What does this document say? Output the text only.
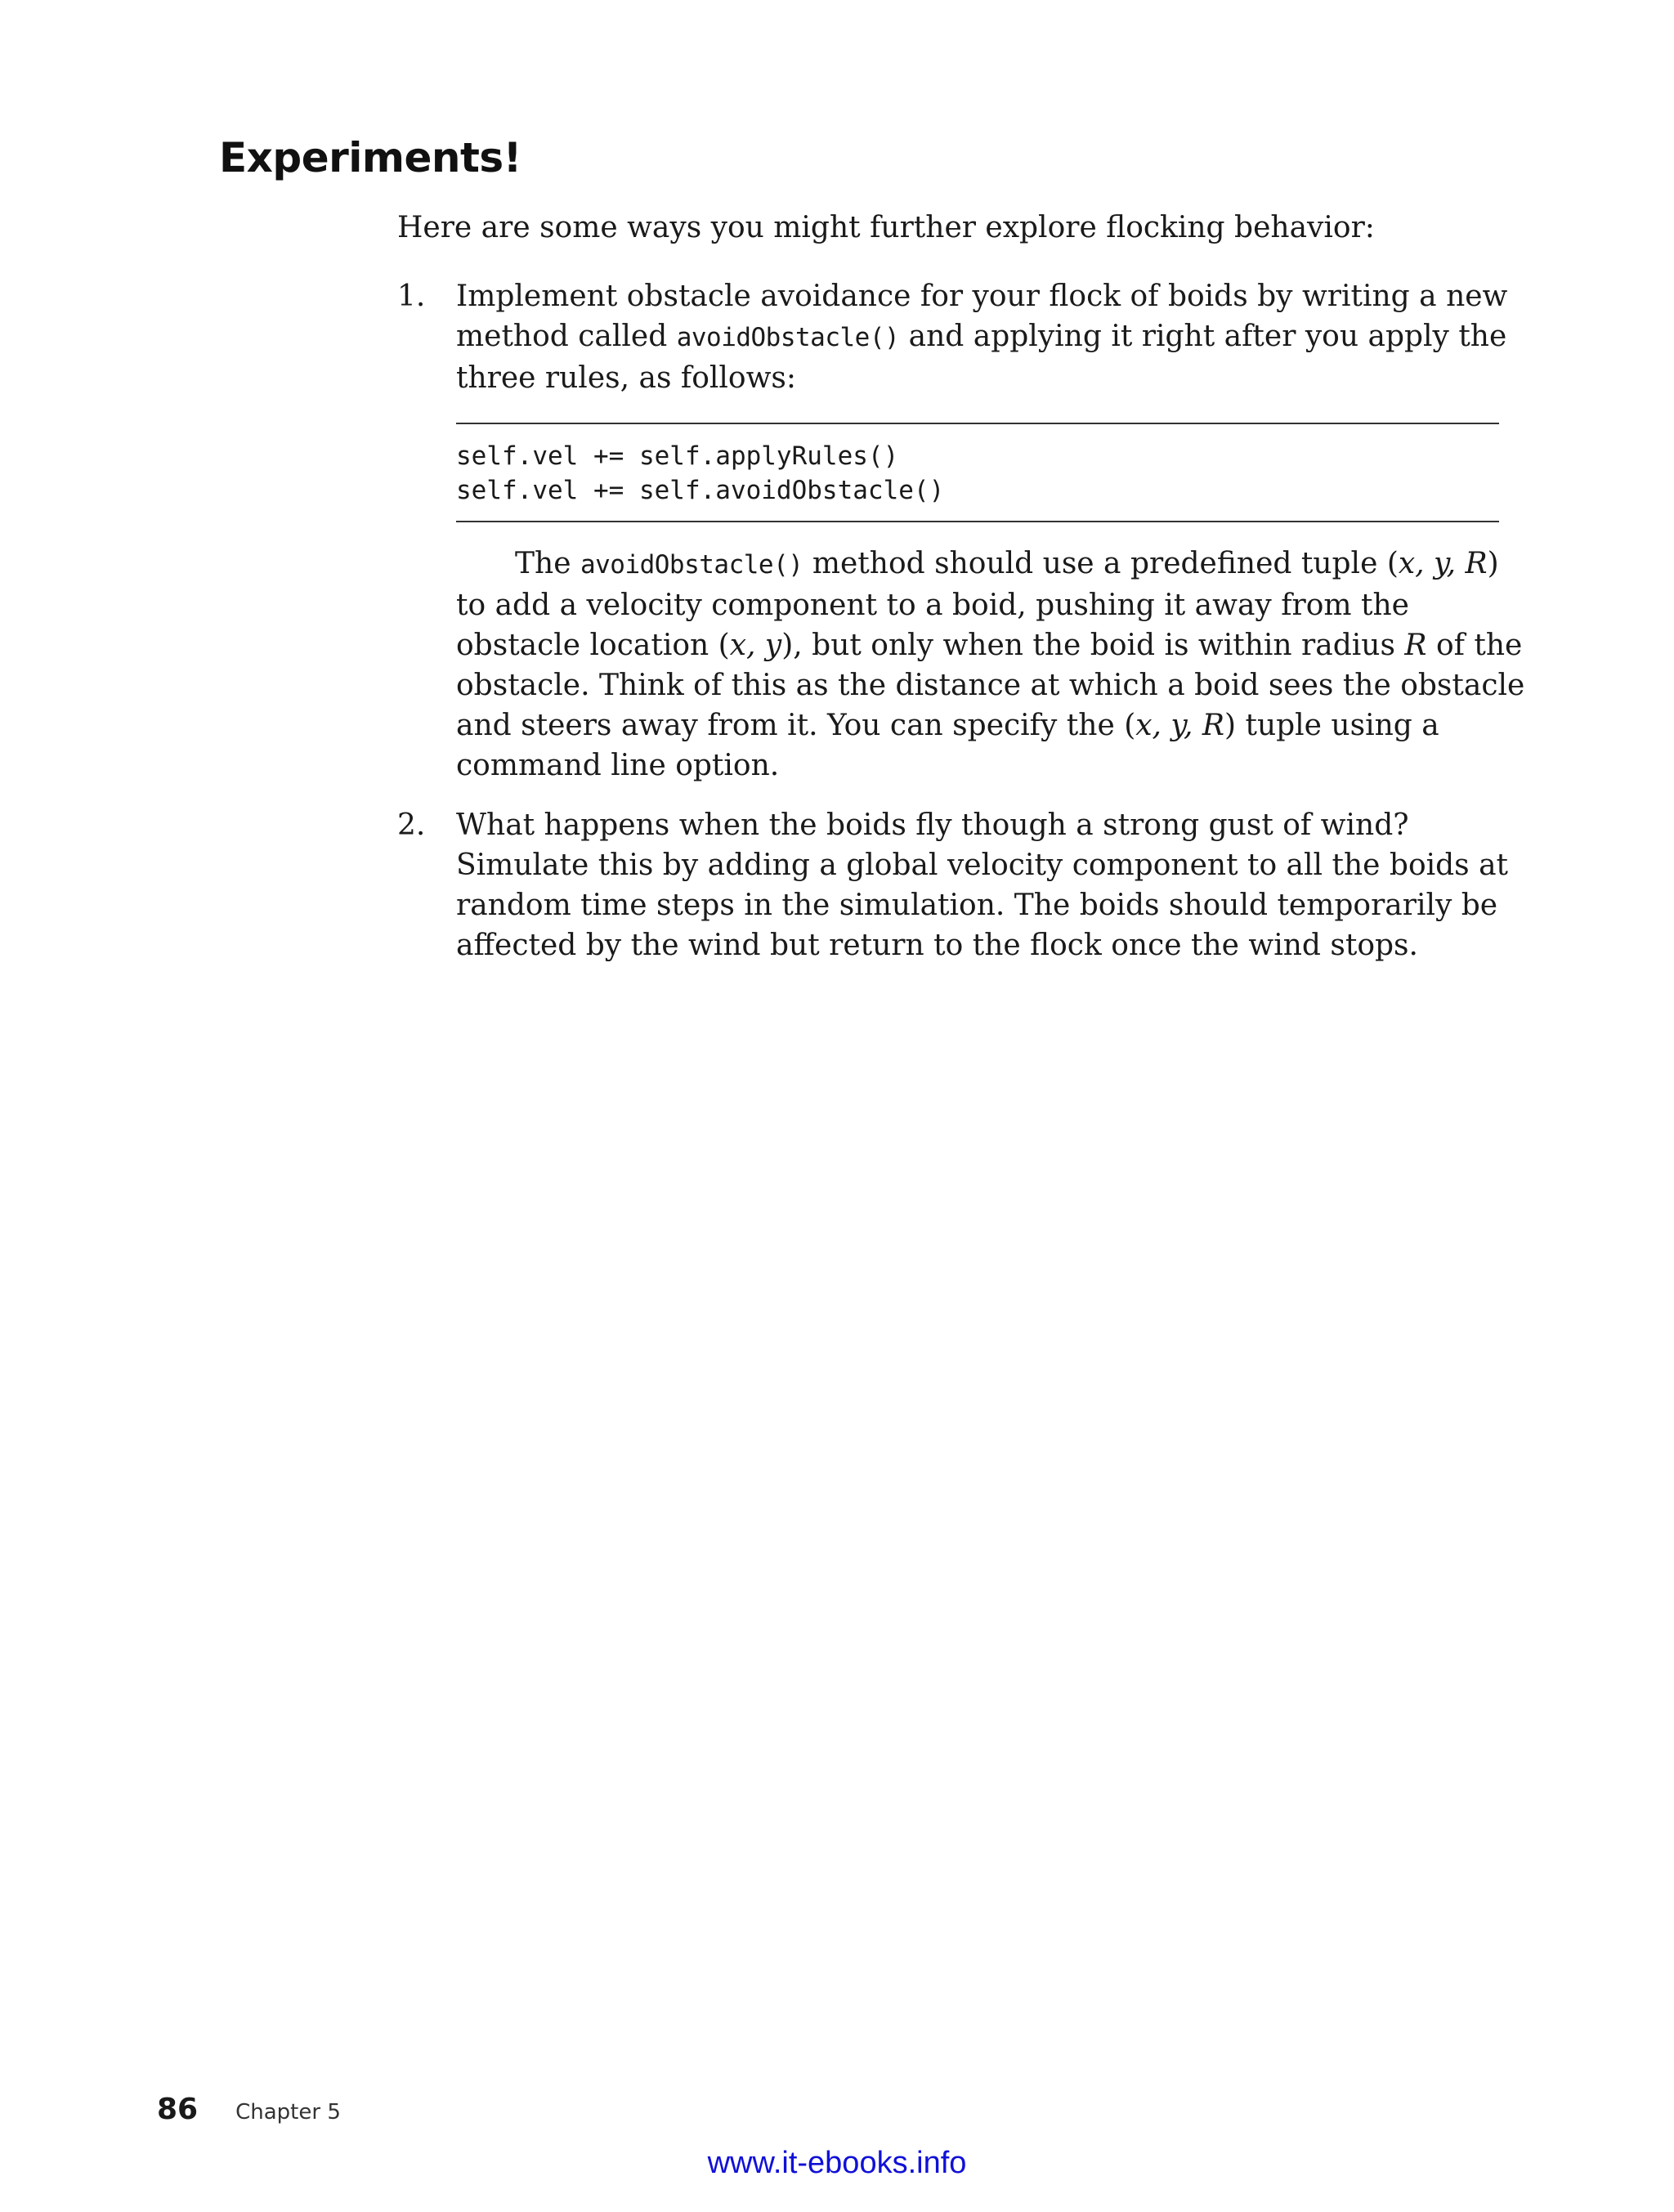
Experiments!

Here are some ways you might further explore flocking behavior:

1. Implement obstacle avoidance for your flock of boids by writing a new method called avoidObstacle() and applying it right after you apply the three rules, as follows:

self.vel += self.applyRules()
self.vel += self.avoidObstacle()

The avoidObstacle() method should use a predefined tuple (x, y, R) to add a velocity component to a boid, pushing it away from the obstacle location (x, y), but only when the boid is within radius R of the obstacle. Think of this as the distance at which a boid sees the obstacle and steers away from it. You can specify the (x, y, R) tuple using a command line option.

2. What happens when the boids fly though a strong gust of wind? Simulate this by adding a global velocity component to all the boids at random time steps in the simulation. The boids should temporarily be affected by the wind but return to the flock once the wind stops.

86 Chapter 5
www.it-ebooks.info
